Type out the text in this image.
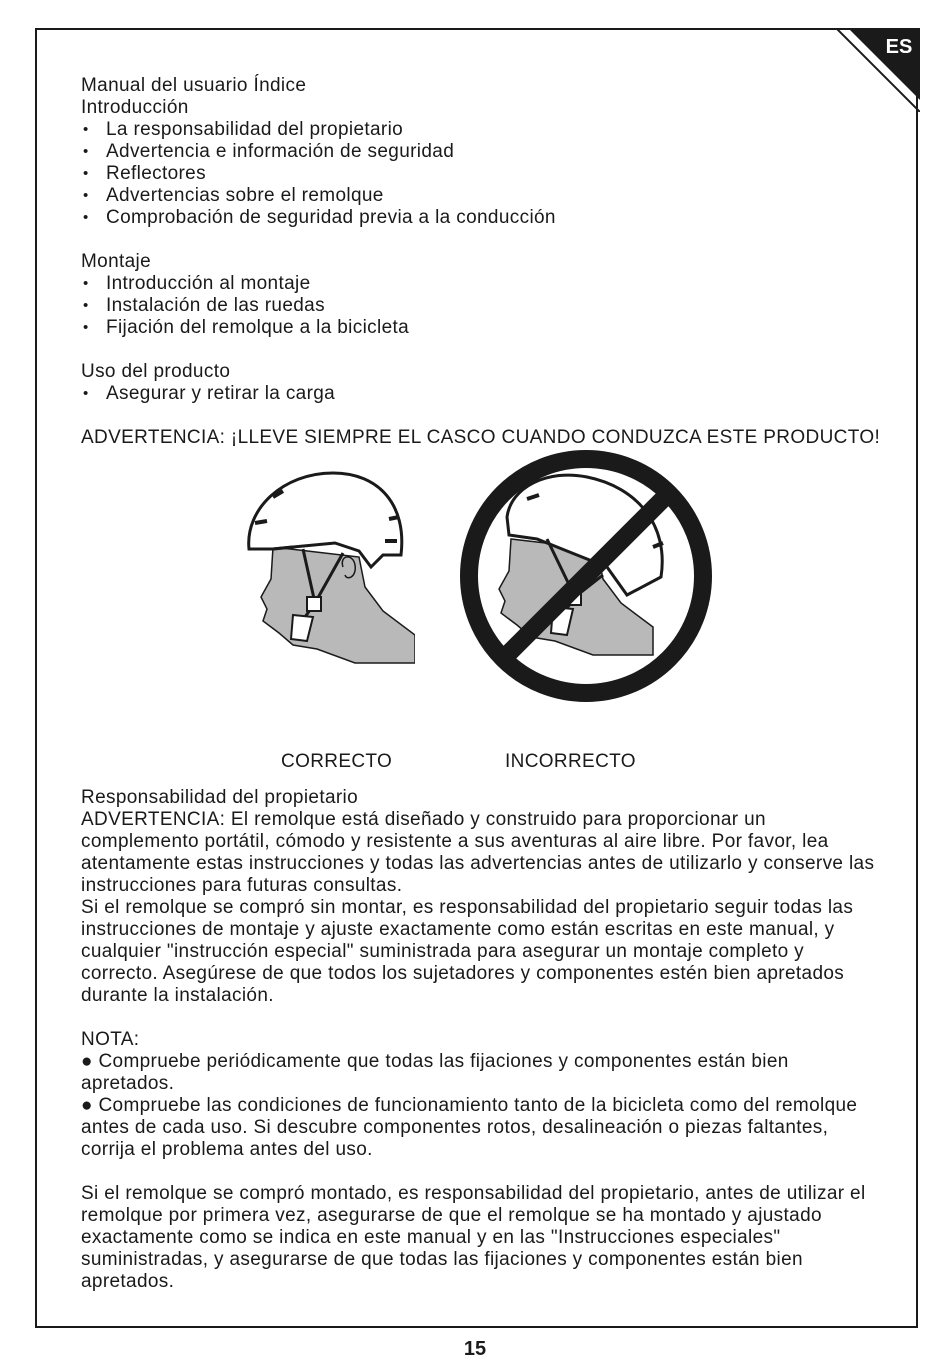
ES

Manual del usuario Índice

Introducción

• La responsabilidad del propietario
• Advertencia e información de seguridad
• Reflectores
• Advertencias sobre el remolque
• Comprobación de seguridad previa a la conducción

Montaje

• Introducción al montaje
• Instalación de las ruedas
• Fijación del remolque a la bicicleta

Uso del producto

• Asegurar y retirar la carga

ADVERTENCIA: ¡LLEVE SIEMPRE EL CASCO CUANDO CONDUZCA ESTE PRODUCTO!

CORRECTO	INCORRECTO

Responsabilidad del propietario

ADVERTENCIA: El remolque está diseñado y construido para proporcionar un complemento portátil, cómodo y resistente a sus aventuras al aire libre. Por favor, lea atentamente estas instrucciones y todas las advertencias antes de utilizarlo y conserve las instrucciones para futuras consultas.

Si el remolque se compró sin montar, es responsabilidad del propietario seguir todas las instrucciones de montaje y ajuste exactamente como están escritas en este manual, y cualquier "instrucción especial" suministrada para asegurar un montaje completo y correcto. Asegúrese de que todos los sujetadores y componentes estén bien apretados durante la instalación.

NOTA:

● Compruebe periódicamente que todas las fijaciones y componentes están bien apretados.

● Compruebe las condiciones de funcionamiento tanto de la bicicleta como del remolque antes de cada uso. Si descubre componentes rotos, desalineación o piezas faltantes, corrija el problema antes del uso.

Si el remolque se compró montado, es responsabilidad del propietario, antes de utilizar el remolque por primera vez, asegurarse de que el remolque se ha montado y ajustado exactamente como se indica en este manual y en las "Instrucciones especiales" suministradas, y asegurarse de que todas las fijaciones y componentes están bien apretados.

15
